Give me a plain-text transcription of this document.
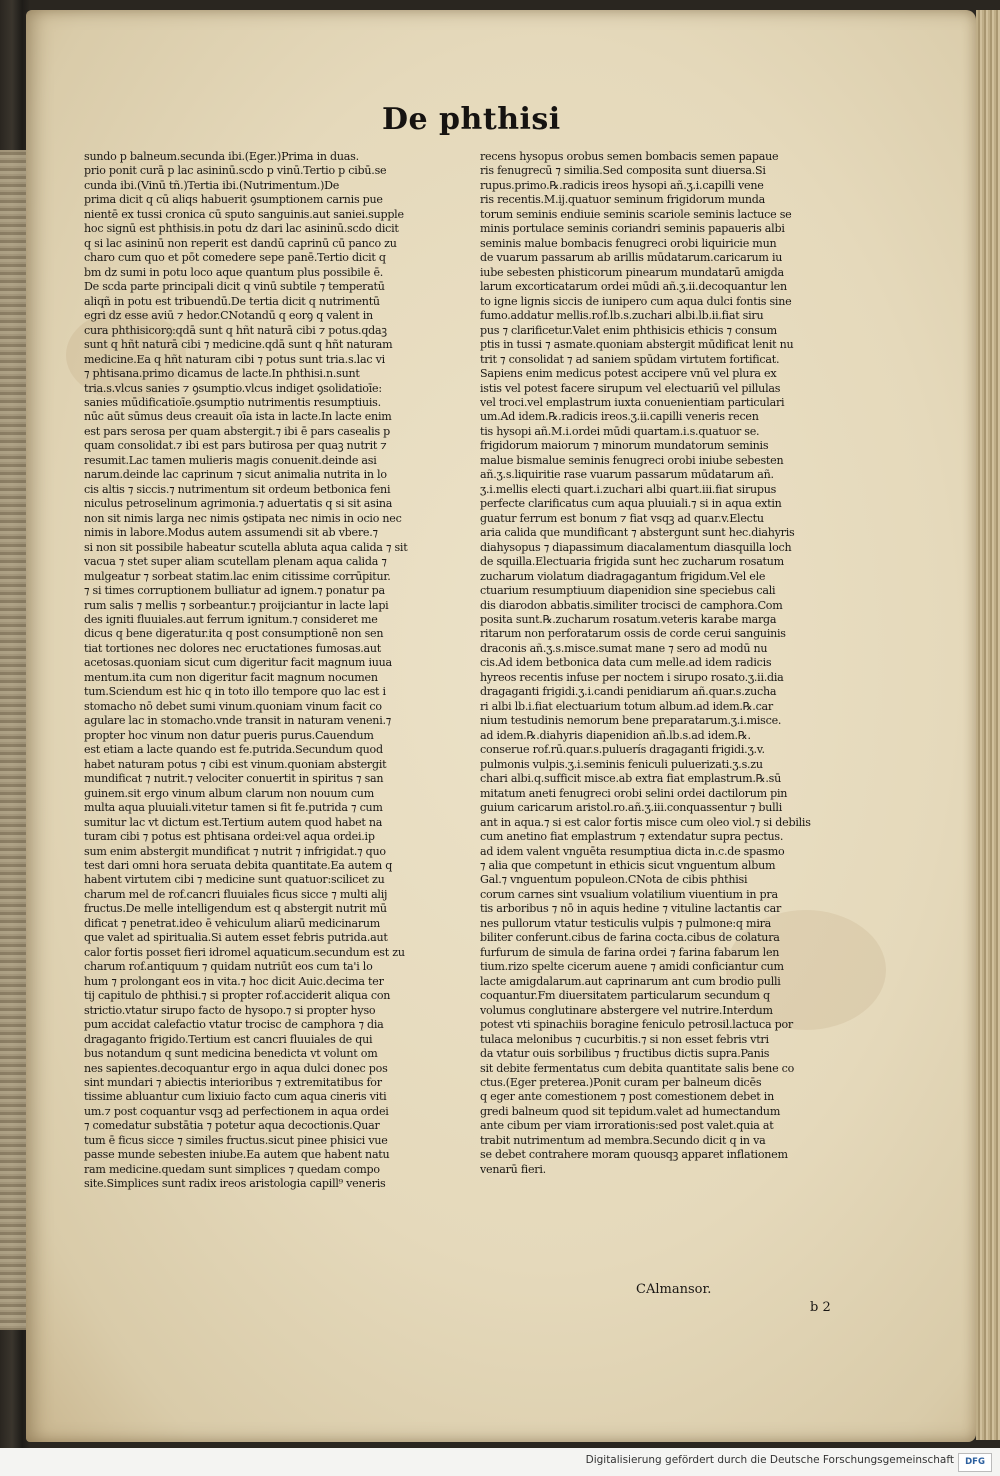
De phthisi
sundo p balneum.secunda ibi.(Eger.)Prima in duas.
prio ponit curā p lac asininū.scdo p vinū.Tertio p cibū.se
cunda ibi.(Vinū tñ.)Tertia ibi.(Nutrimentum.)De
prima dicit q cū aliqs habuerit ꝯsumptionem carnis pue
nientē ex tussi cronica cū sputo sanguinis.aut saniei.supple
hoc signū est phthisis.in potu dz dari lac asininū.scdo dicit
q si lac asininū non reperit est dandū caprinū cū panco zu
charo cum quo et pōt comedere sepe panē.Tertio dicit q
bm dz sumi in potu loco aque quantum plus possibile ē.
De scda parte principali dicit q vinū subtile ⁊ temperatū
aliqñ in potu est tribuendū.De tertia dicit q nutrimentū
egri dz esse aviū ⁊ hedor.CNotandū q eorꝯ q valent in
cura phthisicorꝯ:qdā sunt q hñt naturā cibi ⁊ potus.qdaꝫ
sunt q hñt naturā cibi ⁊ medicine.qdā sunt q hñt naturam
medicine.Ea q hñt naturam cibi ⁊ potus sunt tria.s.lac vi
⁊ phtisana.primo dicamus de lacte.In phthisi.n.sunt
tria.s.vlcus sanies ⁊ ꝯsumptio.vlcus indiget ꝯsolidatioīe:
sanies mūdificatioīe.ꝯsumptio nutrimentis resumptiuis.
nūc aūt sūmus deus creauit oīa ista in lacte.In lacte enim
est pars serosa per quam abstergit.⁊ ibi ē pars casealis p
quam consolidat.⁊ ibi est pars butirosa per quaꝫ nutrit ⁊
resumit.Lac tamen mulieris magis conuenit.deinde asi
narum.deinde lac caprinum ⁊ sicut animalia nutrita in lo
cis altis ⁊ siccis.⁊ nutrimentum sit ordeum betbonica feni
niculus petroselinum agrimonia.⁊ aduertatis q si sit asina
non sit nimis larga nec nimis ꝯstipata nec nimis in ocio nec
nimis in labore.Modus autem assumendi sit ab vbere.⁊
si non sit possibile habeatur scutella abluta aqua calida ⁊ sit
vacua ⁊ stet super aliam scutellam plenam aqua calida ⁊
mulgeatur ⁊ sorbeat statim.lac enim citissime corrūpitur.
⁊ si times corruptionem bulliatur ad ignem.⁊ ponatur pa
rum salis ⁊ mellis ⁊ sorbeantur.⁊ proijciantur in lacte lapi
des igniti fluuiales.aut ferrum ignitum.⁊ consideret me
dicus q bene digeratur.ita q post consumptionē non sen
tiat tortiones nec dolores nec eructationes fumosas.aut
acetosas.quoniam sicut cum digeritur facit magnum iuua
mentum.ita cum non digeritur facit magnum nocumen
tum.Sciendum est hic q in toto illo tempore quo lac est i
stomacho nō debet sumi vinum.quoniam vinum facit co
agulare lac in stomacho.vnde transit in naturam veneni.⁊
propter hoc vinum non datur pueris purus.Cauendum
est etiam a lacte quando est fe.putrida.Secundum quod
habet naturam potus ⁊ cibi est vinum.quoniam abstergit
mundificat ⁊ nutrit.⁊ velociter conuertit in spiritus ⁊ san
guinem.sit ergo vinum album clarum non nouum cum
multa aqua pluuiali.vitetur tamen si fit fe.putrida ⁊ cum
sumitur lac vt dictum est.Tertium autem quod habet na
turam cibi ⁊ potus est phtisana ordei:vel aqua ordei.ip
sum enim abstergit mundificat ⁊ nutrit ⁊ infrigidat.⁊ quo
test dari omni hora seruata debita quantitate.Ea autem q
habent virtutem cibi ⁊ medicine sunt quatuor:scilicet zu
charum mel de rof.cancri fluuiales ficus sicce ⁊ multi alij
fructus.De melle intelligendum est q abstergit nutrit mū
dificat ⁊ penetrat.ideo ē vehiculum aliarū medicinarum
que valet ad spiritualia.Si autem esset febris putrida.aut
calor fortis posset fieri idromel aquaticum.secundum est zu
charum rof.antiquum ⁊ quidam nutriūt eos cum ta'i lo
hum ⁊ prolongant eos in vita.⁊ hoc dicit Auic.decima ter
tij capitulo de phthisi.⁊ si propter rof.acciderit aliqua con
strictio.vtatur sirupo facto de hysopo.⁊ si propter hyso
pum accidat calefactio vtatur trocisc de camphora ⁊ dia
dragaganto frigido.Tertium est cancri fluuiales de qui
bus notandum q sunt medicina benedicta vt volunt om
nes sapientes.decoquantur ergo in aqua dulci donec pos
sint mundari ⁊ abiectis interioribus ⁊ extremitatibus for
tissime abluantur cum lixiuio facto cum aqua cineris viti
um.⁊ post coquantur vsqꝫ ad perfectionem in aqua ordei
⁊ comedatur substātia ⁊ potetur aqua decoctionis.Quar
tum ē ficus sicce ⁊ similes fructus.sicut pinee phisici vue
passe munde sebesten iniube.Ea autem que habent natu
ram medicine.quedam sunt simplices ⁊ quedam compo
site.Simplices sunt radix ireos aristologia capill⁹ veneris
recens hysopus orobus semen bombacis semen papaue
ris fenugrecū ⁊ similia.Sed composita sunt diuersa.Si
rupus.primo.℞.radicis ireos hysopi añ.ʒ.i.capilli vene
ris recentis.M.ij.quatuor seminum frigidorum munda
torum seminis endiuie seminis scariole seminis lactuce se
minis portulace seminis coriandri seminis papaueris albi
seminis malue bombacis fenugreci orobi liquiricie mun
de vuarum passarum ab arillis mūdatarum.caricarum iu
iube sebesten phisticorum pinearum mundatarū amigda
larum excorticatarum ordei mūdi añ.ʒ.ii.decoquantur len
to igne lignis siccis de iunipero cum aqua dulci fontis sine
fumo.addatur mellis.rof.lb.s.zuchari albi.lb.ii.fiat siru
pus ⁊ clarificetur.Valet enim phthisicis ethicis ⁊ consum
ptis in tussi ⁊ asmate.quoniam abstergit mūdificat lenit nu
trit ⁊ consolidat ⁊ ad saniem spūdam virtutem fortificat.
Sapiens enim medicus potest accipere vnū vel plura ex
istis vel potest facere sirupum vel electuariū vel pillulas
vel troci.vel emplastrum iuxta conuenientiam particulari
um.Ad idem.℞.radicis ireos.ʒ.ii.capilli veneris recen
tis hysopi añ.M.i.ordei mūdi quartam.i.s.quatuor se.
frigidorum maiorum ⁊ minorum mundatorum seminis
malue bismalue seminis fenugreci orobi iniube sebesten
añ.ʒ.s.liquiritie rase vuarum passarum mūdatarum añ.
ʒ.i.mellis electi quart.i.zuchari albi quart.iii.fiat sirupus
perfecte clarificatus cum aqua pluuiali.⁊ si in aqua extin
guatur ferrum est bonum ⁊ fiat vsqꝫ ad quar.v.Electu
aria calida que mundificant ⁊ abstergunt sunt hec.diahyris
diahysopus ⁊ diapassimum diacalamentum diasquilla loch
de squilla.Electuaria frigida sunt hec zucharum rosatum
zucharum violatum diadragagantum frigidum.Vel ele
ctuarium resumptiuum diapenidion sine speciebus cali
dis diarodon abbatis.similiter trocisci de camphora.Com
posita sunt.℞.zucharum rosatum.veteris karabe marga
ritarum non perforatarum ossis de corde cerui sanguinis
draconis añ.ʒ.s.misce.sumat mane ⁊ sero ad modū nu
cis.Ad idem betbonica data cum melle.ad idem radicis
hyreos recentis infuse per noctem i sirupo rosato.ʒ.ii.dia
dragaganti frigidi.ʒ.i.candi penidiarum añ.quar.s.zucha
ri albi lb.i.fiat electuarium totum album.ad idem.℞.car
nium testudinis nemorum bene preparatarum.ʒ.i.misce.
ad idem.℞.diahyris diapenidion añ.lb.s.ad idem.℞.
conserue rof.rū.quar.s.puluerís dragaganti frigidi.ʒ.v.
pulmonis vulpis.ʒ.i.seminis feniculi puluerizati.ʒ.s.zu
chari albi.q.sufficit misce.ab extra fiat emplastrum.℞.sū
mitatum aneti fenugreci orobi selini ordei dactilorum pin
guium caricarum aristol.ro.añ.ʒ.iii.conquassentur ⁊ bulli
ant in aqua.⁊ si est calor fortis misce cum oleo viol.⁊ si debilis
cum anetino fiat emplastrum ⁊ extendatur supra pectus.
ad idem valent vnguēta resumptiua dicta in.c.de spasmo
⁊ alia que competunt in ethicis sicut vnguentum album
Gal.⁊ vnguentum populeon.CNota de cibis phthisi
corum carnes sint vsualium volatilium viuentium in pra
tis arboribus ⁊ nō in aquis hedine ⁊ vituline lactantis car
nes pullorum vtatur testiculis vulpis ⁊ pulmone:q mira
biliter conferunt.cibus de farina cocta.cibus de colatura
furfurum de simula de farina ordei ⁊ farina fabarum len
tium.rizo spelte cicerum auene ⁊ amidi conficiantur cum
lacte amigdalarum.aut caprinarum ant cum brodio pulli
coquantur.Fm diuersitatem particularum secundum q
volumus conglutinare abstergere vel nutrire.Interdum
potest vti spinachiis boragine feniculo petrosil.lactuca por
tulaca melonibus ⁊ cucurbitis.⁊ si non esset febris vtri
da vtatur ouis sorbilibus ⁊ fructibus dictis supra.Panis
sit debite fermentatus cum debita quantitate salis bene co
ctus.(Eger preterea.)Ponit curam per balneum dicēs
q eger ante comestionem ⁊ post comestionem debet in
gredi balneum quod sit tepidum.valet ad humectandum
ante cibum per viam irrorationis:sed post valet.quia at
trabit nutrimentum ad membra.Secundo dicit q in va
se debet contrahere moram quousqꝫ apparet inflationem
venarū fieri.
CAlmansor.
b 2
Digitalisierung gefördert durch die Deutsche Forschungsgemeinschaft	DFG
